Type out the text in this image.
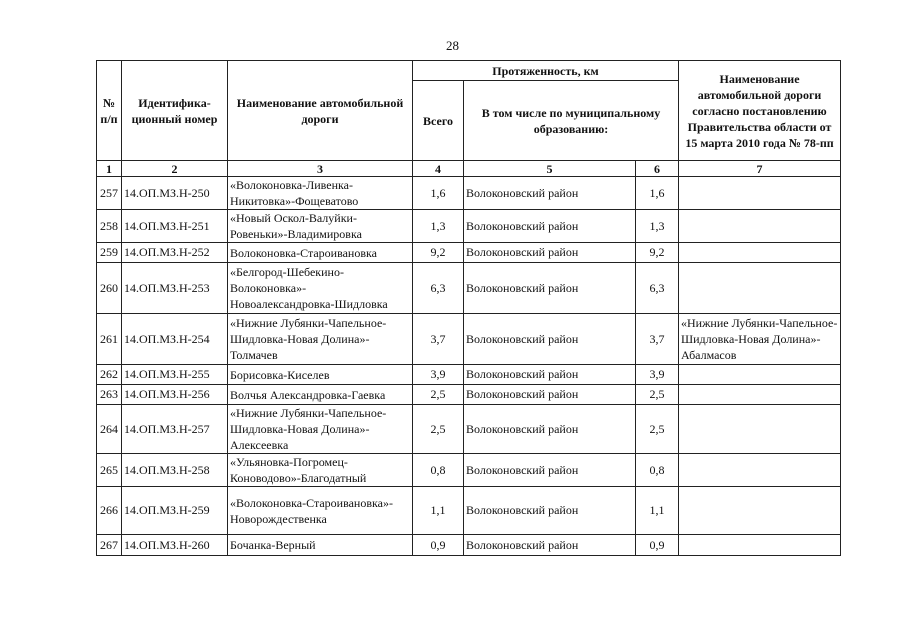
28
№ п/п	Идентифика-ционный номер	Наименование автомобильной дороги	Протяженность, км			Наименование автомобильной дороги согласно постановлению Правительства области от 15 марта 2010 года № 78-пп
			Всего	В том числе по муниципальному образованию:		
1	2	3	4	5	6	7
257	14.ОП.МЗ.Н-250	«Волоконовка-Ливенка-Никитовка»-Фощеватово	1,6	Волоконовский район	1,6	
258	14.ОП.МЗ.Н-251	«Новый Оскол-Валуйки-Ровеньки»-Владимировка	1,3	Волоконовский район	1,3	
259	14.ОП.МЗ.Н-252	Волоконовка-Староивановка	9,2	Волоконовский район	9,2	
260	14.ОП.МЗ.Н-253	«Белгород-Шебекино-Волоконовка»-Новоалександровка-Шидловка	6,3	Волоконовский район	6,3	
261	14.ОП.МЗ.Н-254	«Нижние Лубянки-Чапельное-Шидловка-Новая Долина»-Толмачев	3,7	Волоконовский район	3,7	«Нижние Лубянки-Чапельное-Шидловка-Новая Долина»-Абалмасов
262	14.ОП.МЗ.Н-255	Борисовка-Киселев	3,9	Волоконовский район	3,9	
263	14.ОП.МЗ.Н-256	Волчья Александровка-Гаевка	2,5	Волоконовский район	2,5	
264	14.ОП.МЗ.Н-257	«Нижние Лубянки-Чапельное-Шидловка-Новая Долина»-Алексеевка	2,5	Волоконовский район	2,5	
265	14.ОП.МЗ.Н-258	«Ульяновка-Погромец-Коноводово»-Благодатный	0,8	Волоконовский район	0,8	
266	14.ОП.МЗ.Н-259	«Волоконовка-Староивановка»-Новорождественка	1,1	Волоконовский район	1,1	
267	14.ОП.МЗ.Н-260	Бочанка-Верный	0,9	Волоконовский район	0,9	
